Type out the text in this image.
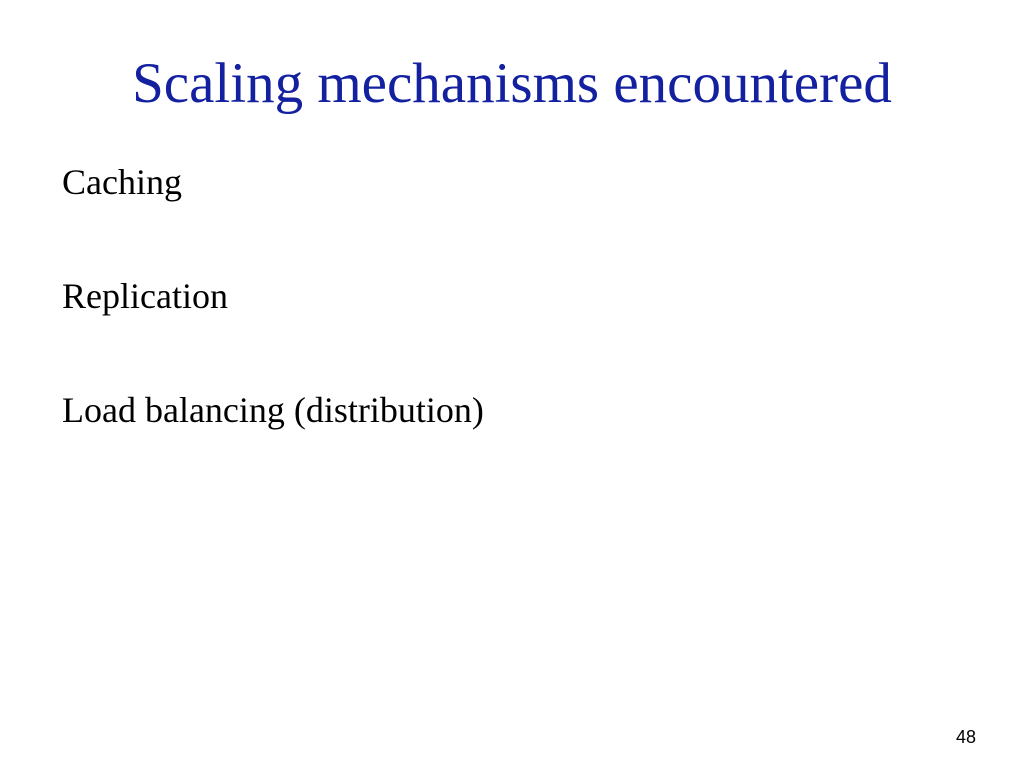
Scaling mechanisms encountered
Caching
Replication
Load balancing (distribution)
48
